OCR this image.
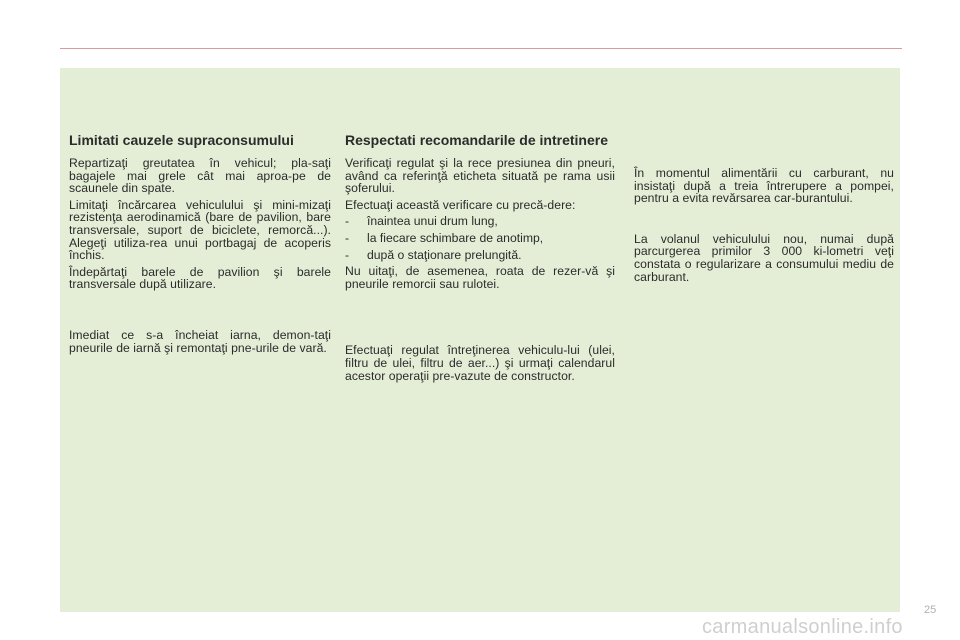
Limitati cauzele supraconsumului

Repartizaţi greutatea în vehicul; pla-saţi bagajele mai grele cât mai aproa-pe de scaunele din spate.

Limitaţi încărcarea vehiculului şi mini-mizaţi rezistenţa aerodinamică (bare de pavilion, bare transversale, suport de biciclete, remorcă...). Alegeţi utiliza-rea unui portbagaj de acoperis închis.

Îndepărtaţi barele de pavilion şi barele transversale după utilizare.

Imediat ce s-a încheiat iarna, demon-taţi pneurile de iarnă şi remontaţi pne-urile de vară.

Respectati recomandarile de intretinere

Verificaţi regulat şi la rece presiunea din pneuri, având ca referinţă eticheta situată pe rama usii şoferului.

Efectuaţi această verificare cu precă-dere:

-	înaintea unui drum lung,
-	la fiecare schimbare de anotimp,
-	după o staţionare prelungită.

Nu uitaţi, de asemenea, roata de rezer-vă şi pneurile remorcii sau rulotei.

Efectuaţi regulat întreţinerea vehiculu-lui (ulei, filtru de ulei, filtru de aer...) şi urmaţi calendarul acestor operaţii pre-vazute de constructor.

În momentul alimentării cu carburant, nu insistaţi după a treia întrerupere a pompei, pentru a evita revărsarea car-burantului.

La volanul vehiculului nou, numai după parcurgerea primilor 3 000 ki-lometri veţi constata o regularizare a consumului mediu de carburant.

25
carmanualsonline.info
